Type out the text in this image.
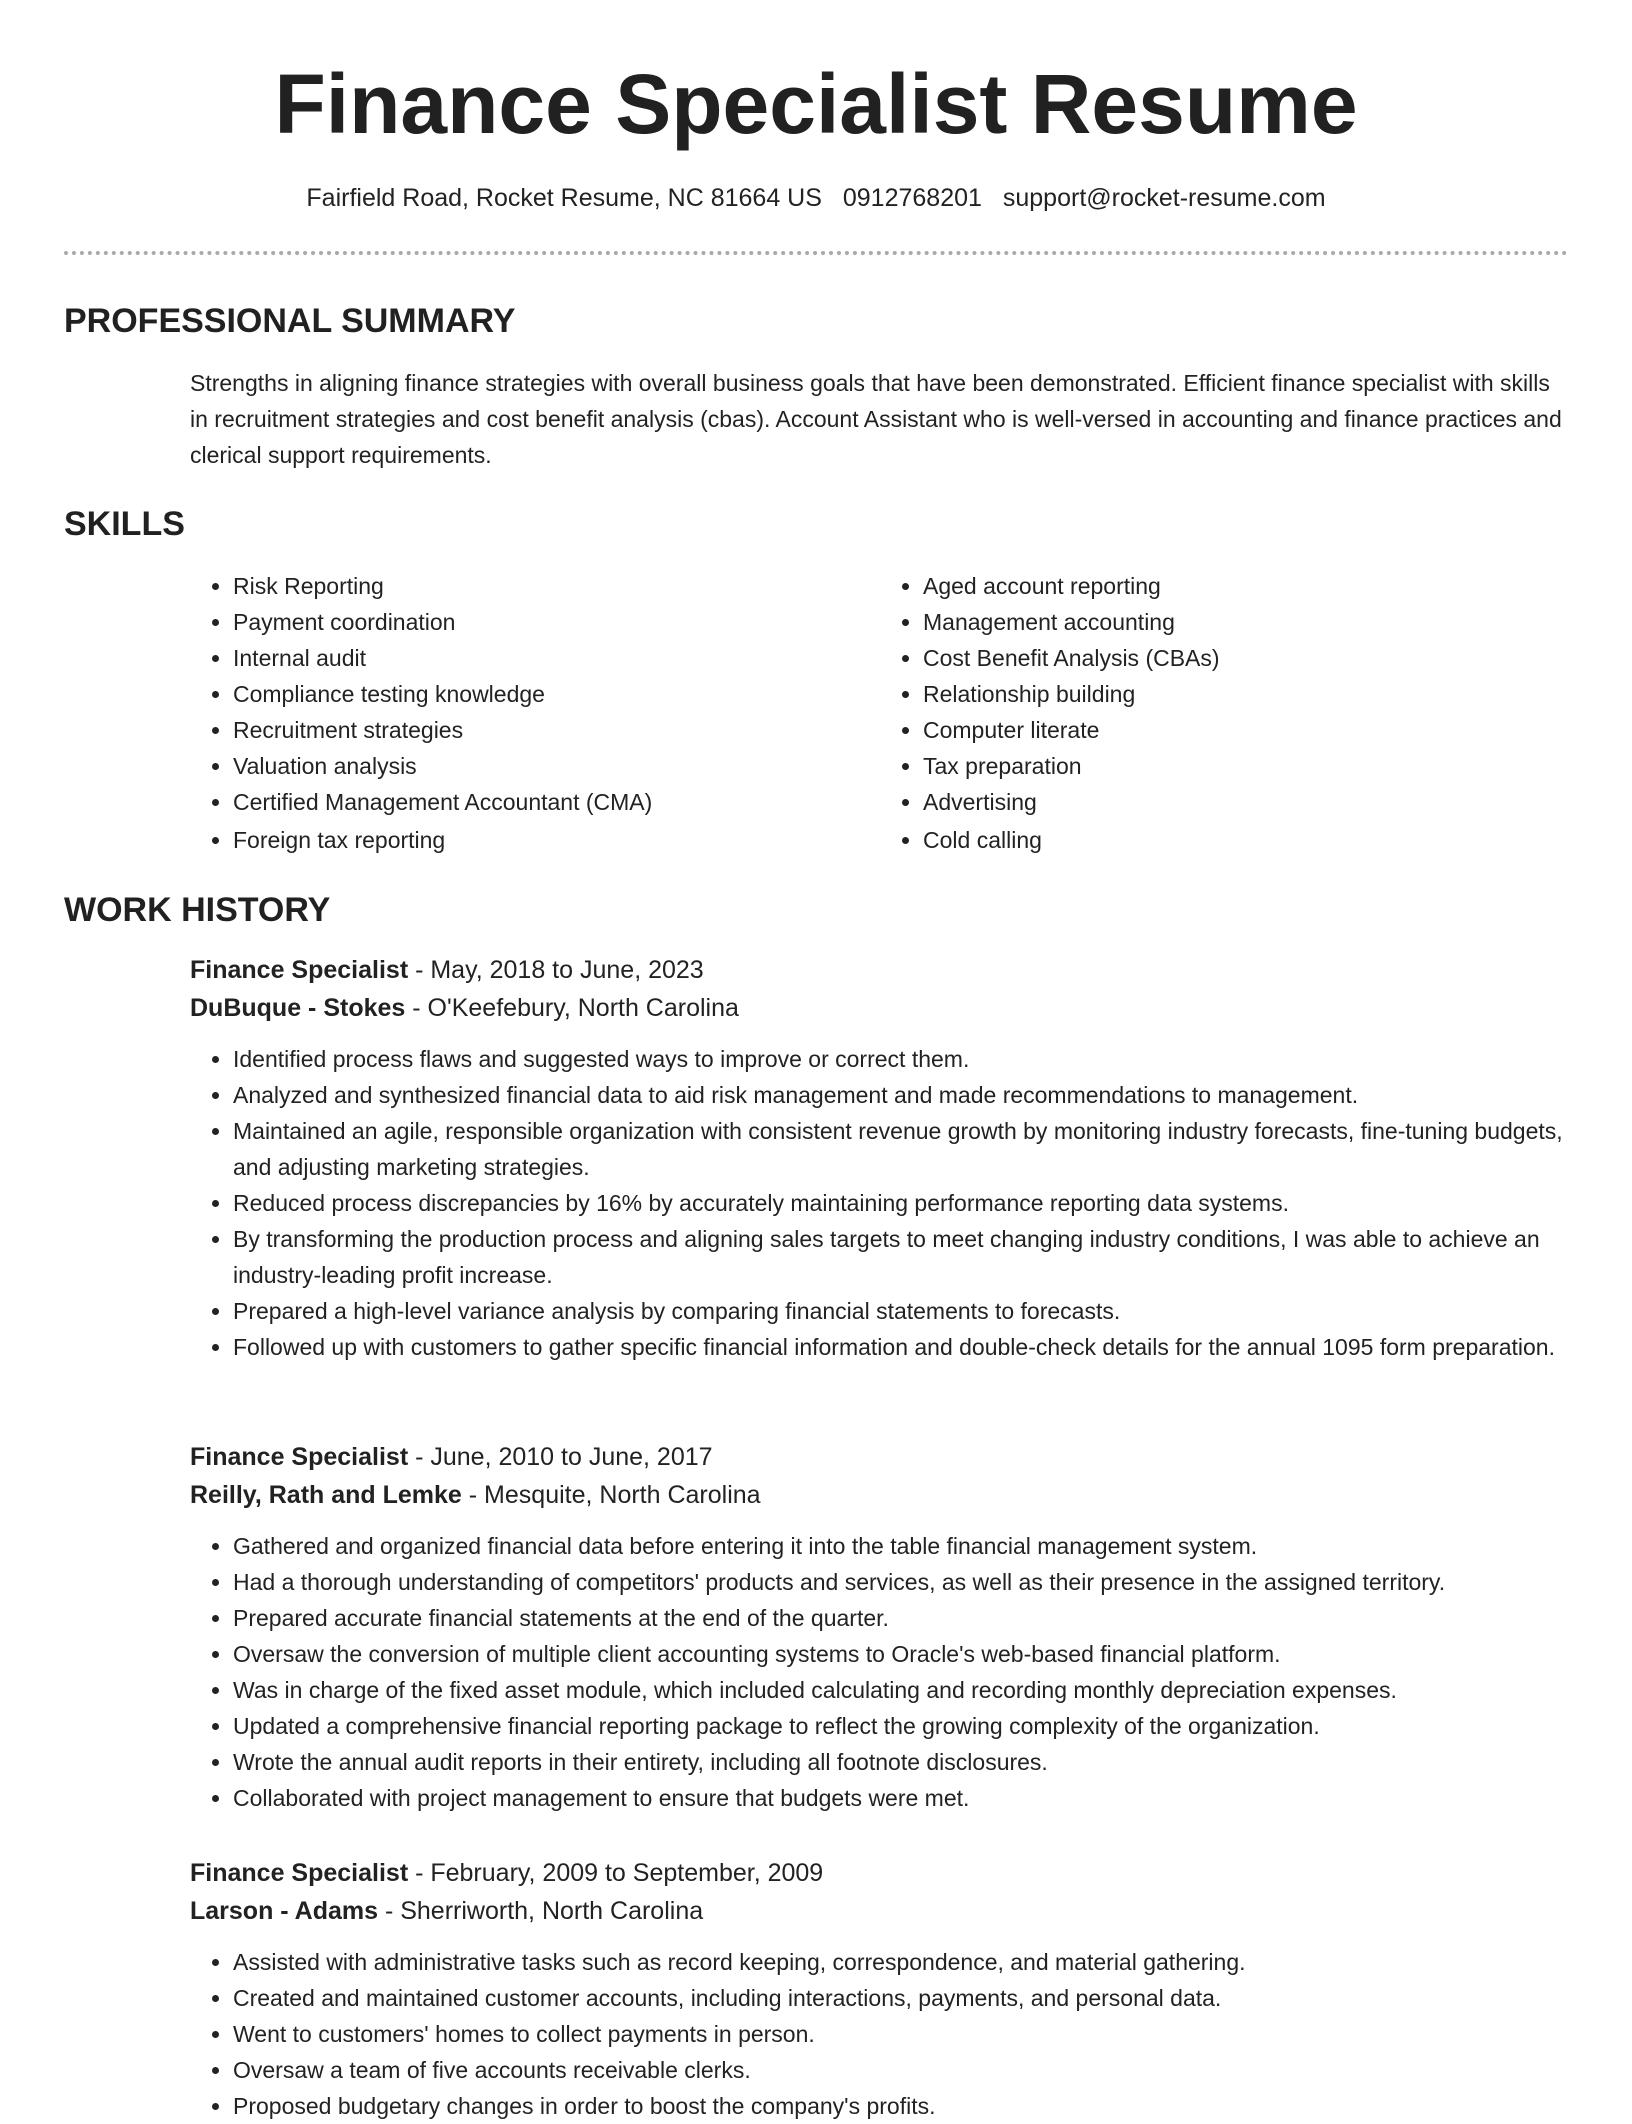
Finance Specialist Resume
Fairfield Road, Rocket Resume, NC 81664 US 0912768201 support@rocket-resume.com
PROFESSIONAL SUMMARY

Strengths in aligning finance strategies with overall business goals that have been demonstrated. Efficient finance specialist with skills in recruitment strategies and cost benefit analysis (cbas). Account Assistant who is well-versed in accounting and finance practices and clerical support requirements.

SKILLS
• Risk Reporting
• Payment coordination
• Internal audit
• Compliance testing knowledge
• Recruitment strategies
• Valuation analysis
• Certified Management Accountant (CMA)
• Foreign tax reporting
• Aged account reporting
• Management accounting
• Cost Benefit Analysis (CBAs)
• Relationship building
• Computer literate
• Tax preparation
• Advertising
• Cold calling
WORK HISTORY

Finance Specialist - May, 2018 to June, 2023

DuBuque - Stokes - O'Keefebury, North Carolina

• Identified process flaws and suggested ways to improve or correct them.
• Analyzed and synthesized financial data to aid risk management and made recommendations to management.
• Maintained an agile, responsible organization with consistent revenue growth by monitoring industry forecasts, fine-tuning budgets, and adjusting marketing strategies.
• Reduced process discrepancies by 16% by accurately maintaining performance reporting data systems.
• By transforming the production process and aligning sales targets to meet changing industry conditions, I was able to achieve an industry-leading profit increase.
• Prepared a high-level variance analysis by comparing financial statements to forecasts.
• Followed up with customers to gather specific financial information and double-check details for the annual 1095 form preparation.

Finance Specialist - June, 2010 to June, 2017

Reilly, Rath and Lemke - Mesquite, North Carolina

• Gathered and organized financial data before entering it into the table financial management system.
• Had a thorough understanding of competitors' products and services, as well as their presence in the assigned territory.
• Prepared accurate financial statements at the end of the quarter.
• Oversaw the conversion of multiple client accounting systems to Oracle's web-based financial platform.
• Was in charge of the fixed asset module, which included calculating and recording monthly depreciation expenses.
• Updated a comprehensive financial reporting package to reflect the growing complexity of the organization.
• Wrote the annual audit reports in their entirety, including all footnote disclosures.
• Collaborated with project management to ensure that budgets were met.

Finance Specialist - February, 2009 to September, 2009

Larson - Adams - Sherriworth, North Carolina

• Assisted with administrative tasks such as record keeping, correspondence, and material gathering.
• Created and maintained customer accounts, including interactions, payments, and personal data.
• Went to customers' homes to collect payments in person.
• Oversaw a team of five accounts receivable clerks.
• Proposed budgetary changes in order to boost the company's profits.
